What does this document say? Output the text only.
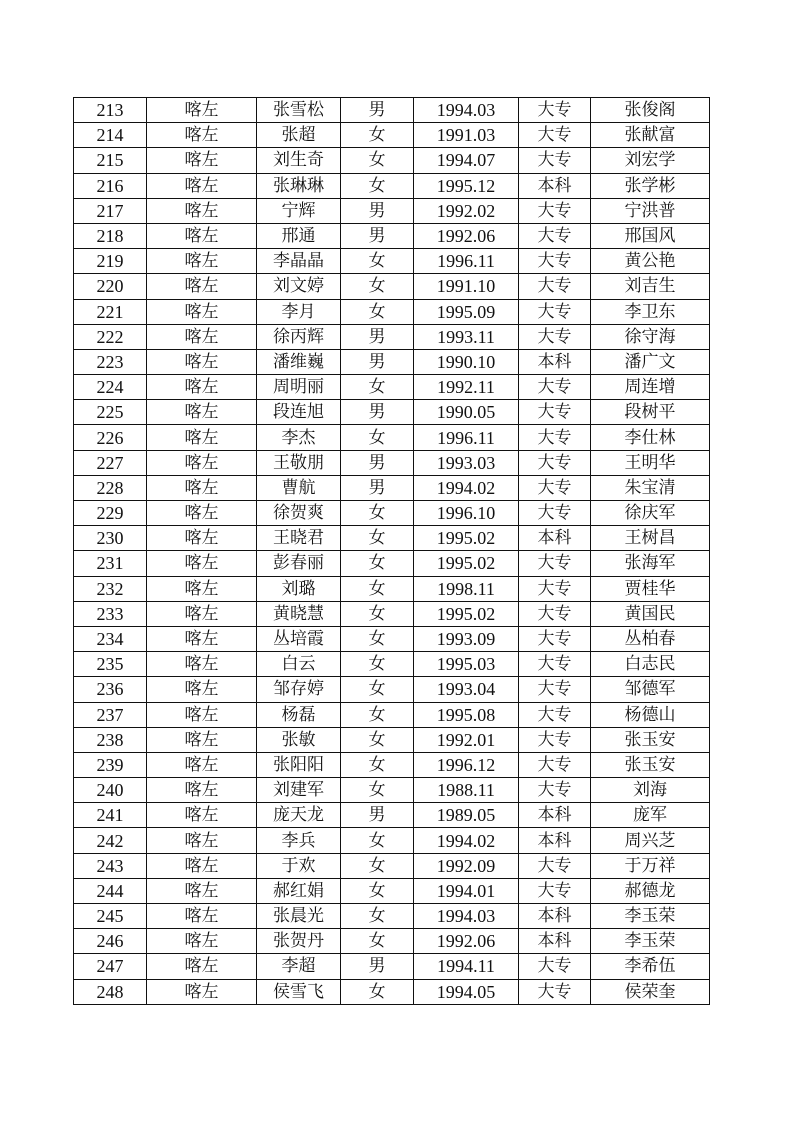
213	喀左	张雪松	男	1994.03	大专	张俊阁
214	喀左	张超	女	1991.03	大专	张献富
215	喀左	刘生奇	女	1994.07	大专	刘宏学
216	喀左	张琳琳	女	1995.12	本科	张学彬
217	喀左	宁辉	男	1992.02	大专	宁洪普
218	喀左	邢通	男	1992.06	大专	邢国风
219	喀左	李晶晶	女	1996.11	大专	黄公艳
220	喀左	刘文婷	女	1991.10	大专	刘吉生
221	喀左	李月	女	1995.09	大专	李卫东
222	喀左	徐丙辉	男	1993.11	大专	徐守海
223	喀左	潘维巍	男	1990.10	本科	潘广文
224	喀左	周明丽	女	1992.11	大专	周连增
225	喀左	段连旭	男	1990.05	大专	段树平
226	喀左	李杰	女	1996.11	大专	李仕林
227	喀左	王敬朋	男	1993.03	大专	王明华
228	喀左	曹航	男	1994.02	大专	朱宝清
229	喀左	徐贺爽	女	1996.10	大专	徐庆军
230	喀左	王晓君	女	1995.02	本科	王树昌
231	喀左	彭春丽	女	1995.02	大专	张海军
232	喀左	刘璐	女	1998.11	大专	贾桂华
233	喀左	黄晓慧	女	1995.02	大专	黄国民
234	喀左	丛培霞	女	1993.09	大专	丛柏春
235	喀左	白云	女	1995.03	大专	白志民
236	喀左	邹存婷	女	1993.04	大专	邹德军
237	喀左	杨磊	女	1995.08	大专	杨德山
238	喀左	张敏	女	1992.01	大专	张玉安
239	喀左	张阳阳	女	1996.12	大专	张玉安
240	喀左	刘建军	女	1988.11	大专	刘海
241	喀左	庞天龙	男	1989.05	本科	庞军
242	喀左	李兵	女	1994.02	本科	周兴芝
243	喀左	于欢	女	1992.09	大专	于万祥
244	喀左	郝红娟	女	1994.01	大专	郝德龙
245	喀左	张晨光	女	1994.03	本科	李玉荣
246	喀左	张贺丹	女	1992.06	本科	李玉荣
247	喀左	李超	男	1994.11	大专	李希伍
248	喀左	侯雪飞	女	1994.05	大专	侯荣奎
